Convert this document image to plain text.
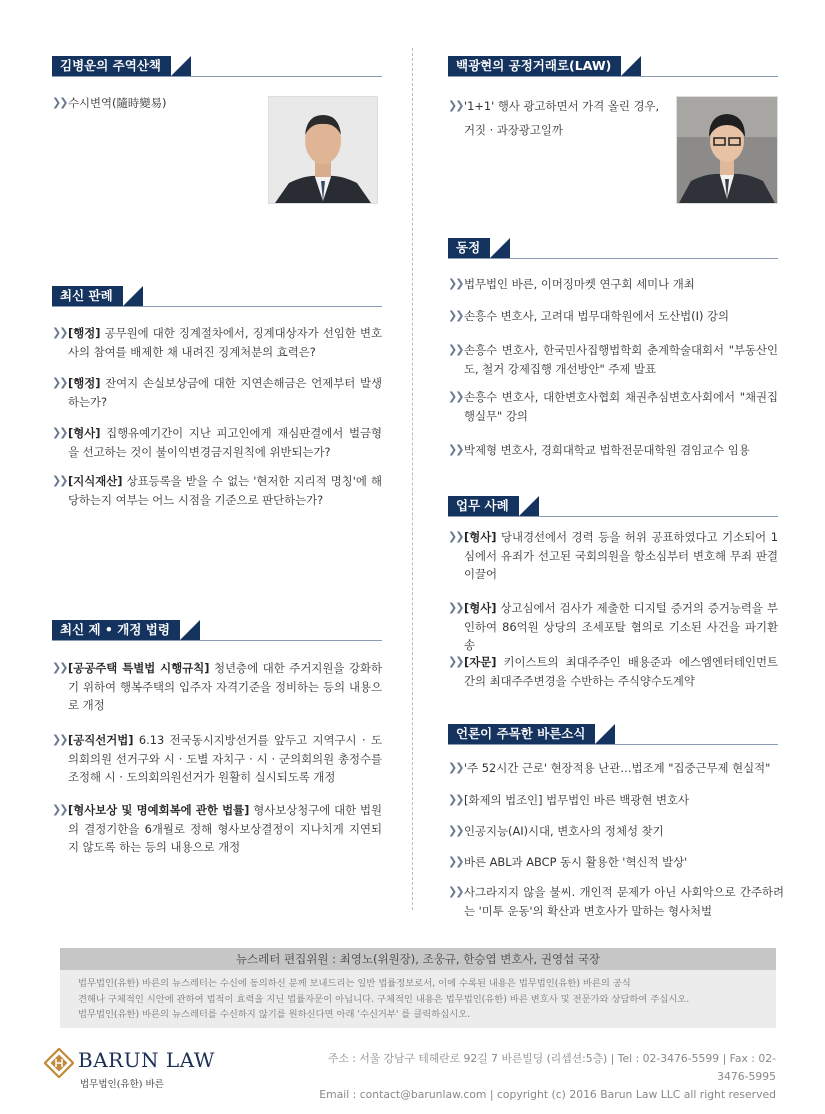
김병운의 주역산책
❯❯ 수시변역(隨時變易)
최신 판례
❯❯ [행정] 공무원에 대한 징계절차에서, 징계대상자가 선임한 변호사의 참여를 배제한 채 내려진 징계처분의 효력은?
❯❯ [행정] 잔여지 손실보상금에 대한 지연손해금은 언제부터 발생하는가?
❯❯ [형사] 집행유예기간이 지난 피고인에게 재심판결에서 벌금형을 선고하는 것이 불이익변경금지원칙에 위반되는가?
❯❯ [지식재산] 상표등록을 받을 수 없는 '현저한 지리적 명칭'에 해당하는지 여부는 어느 시점을 기준으로 판단하는가?
최신 제 • 개정 법령
❯❯ [공공주택 특별법 시행규칙] 청년층에 대한 주거지원을 강화하기 위하여 행복주택의 입주자 자격기준을 정비하는 등의 내용으로 개정
❯❯ [공직선거법] 6.13 전국동시지방선거를 앞두고 지역구시 · 도의회의원 선거구와 시 · 도별 자치구 · 시 · 군의회의원 총정수를 조정해 시 · 도의회의원선거가 원활히 실시되도록 개정
❯❯ [형사보상 및 명예회복에 관한 법률] 형사보상청구에 대한 법원의 결정기한을 6개월로 정해 형사보상결정이 지나치게 지연되지 않도록 하는 등의 내용으로 개정
백광현의 공정거래로(LAW)
❯❯ '1+1' 행사 광고하면서 가격 올린 경우,
거짓 · 과장광고일까
동정
❯❯ 법무법인 바른, 이머징마켓 연구회 세미나 개최
❯❯ 손흥수 변호사, 고려대 법무대학원에서 도산법(I) 강의
❯❯ 손흥수 변호사, 한국민사집행법학회 춘계학술대회서 "부동산인도, 철거 강제집행 개선방안" 주제 발표
❯❯ 손흥수 변호사, 대한변호사협회 채권추심변호사회에서 "채권집행실무" 강의
❯❯ 박제형 변호사, 경희대학교 법학전문대학원 겸임교수 임용
업무 사례
❯❯ [형사] 당내경선에서 경력 등을 허위 공표하였다고 기소되어 1심에서 유죄가 선고된 국회의원을 항소심부터 변호해 무죄 판결 이끌어
❯❯ [형사] 상고심에서 검사가 제출한 디지털 증거의 증거능력을 부인하여 86억원 상당의 조세포탈 혐의로 기소된 사건을 파기환송
❯❯ [자문] 키이스트의 최대주주인 배용준과 에스엠엔터테인먼트 간의 최대주주변경을 수반하는 주식양수도계약
언론이 주목한 바른소식
❯❯ '주 52시간 근로' 현장적용 난관…법조계 "집중근무제 현실적"
❯❯ [화제의 법조인] 법무법인 바른 백광현 변호사
❯❯ 인공지능(AI)시대, 변호사의 정체성 찾기
❯❯ 바른 ABL과 ABCP 동시 활용한 '혁신적 발상'
❯❯ 사그라지지 않을 불씨. 개인적 문제가 아닌 사회악으로 간주하려는 '미투 운동'의 확산과 변호사가 말하는 형사처벌
뉴스레터 편집위원 : 최영노(위원장), 조웅규, 한승엽 변호사, 권영섭 국장
법무법인(유한) 바른의 뉴스레터는 수신에 동의하신 분께 보내드리는 일반 법률정보로서, 이에 수록된 내용은 법무법인(유한) 바른의 공식
견해나 구체적인 시안에 관하여 법적이 효력을 지닌 법률자문이 아닙니다. 구체적인 내용은 법무법인(유한) 바른 변호사 및 전문가와 상담하여 주십시오.
법무법인(유한) 바른의 뉴스레터를 수신하지 않기를 원하신다면 아래 '수신거부' 를 클릭하십시오.
BARUN LAW
법무법인(유한) 바른
주소 : 서울 강남구 테헤란로 92길 7 바른빌딩 (리셉션:5층) | Tel : 02-3476-5599 | Fax : 02-3476-5995
Email : contact@barunlaw.com | copyright (c) 2016 Barun Law LLC all right reserved
